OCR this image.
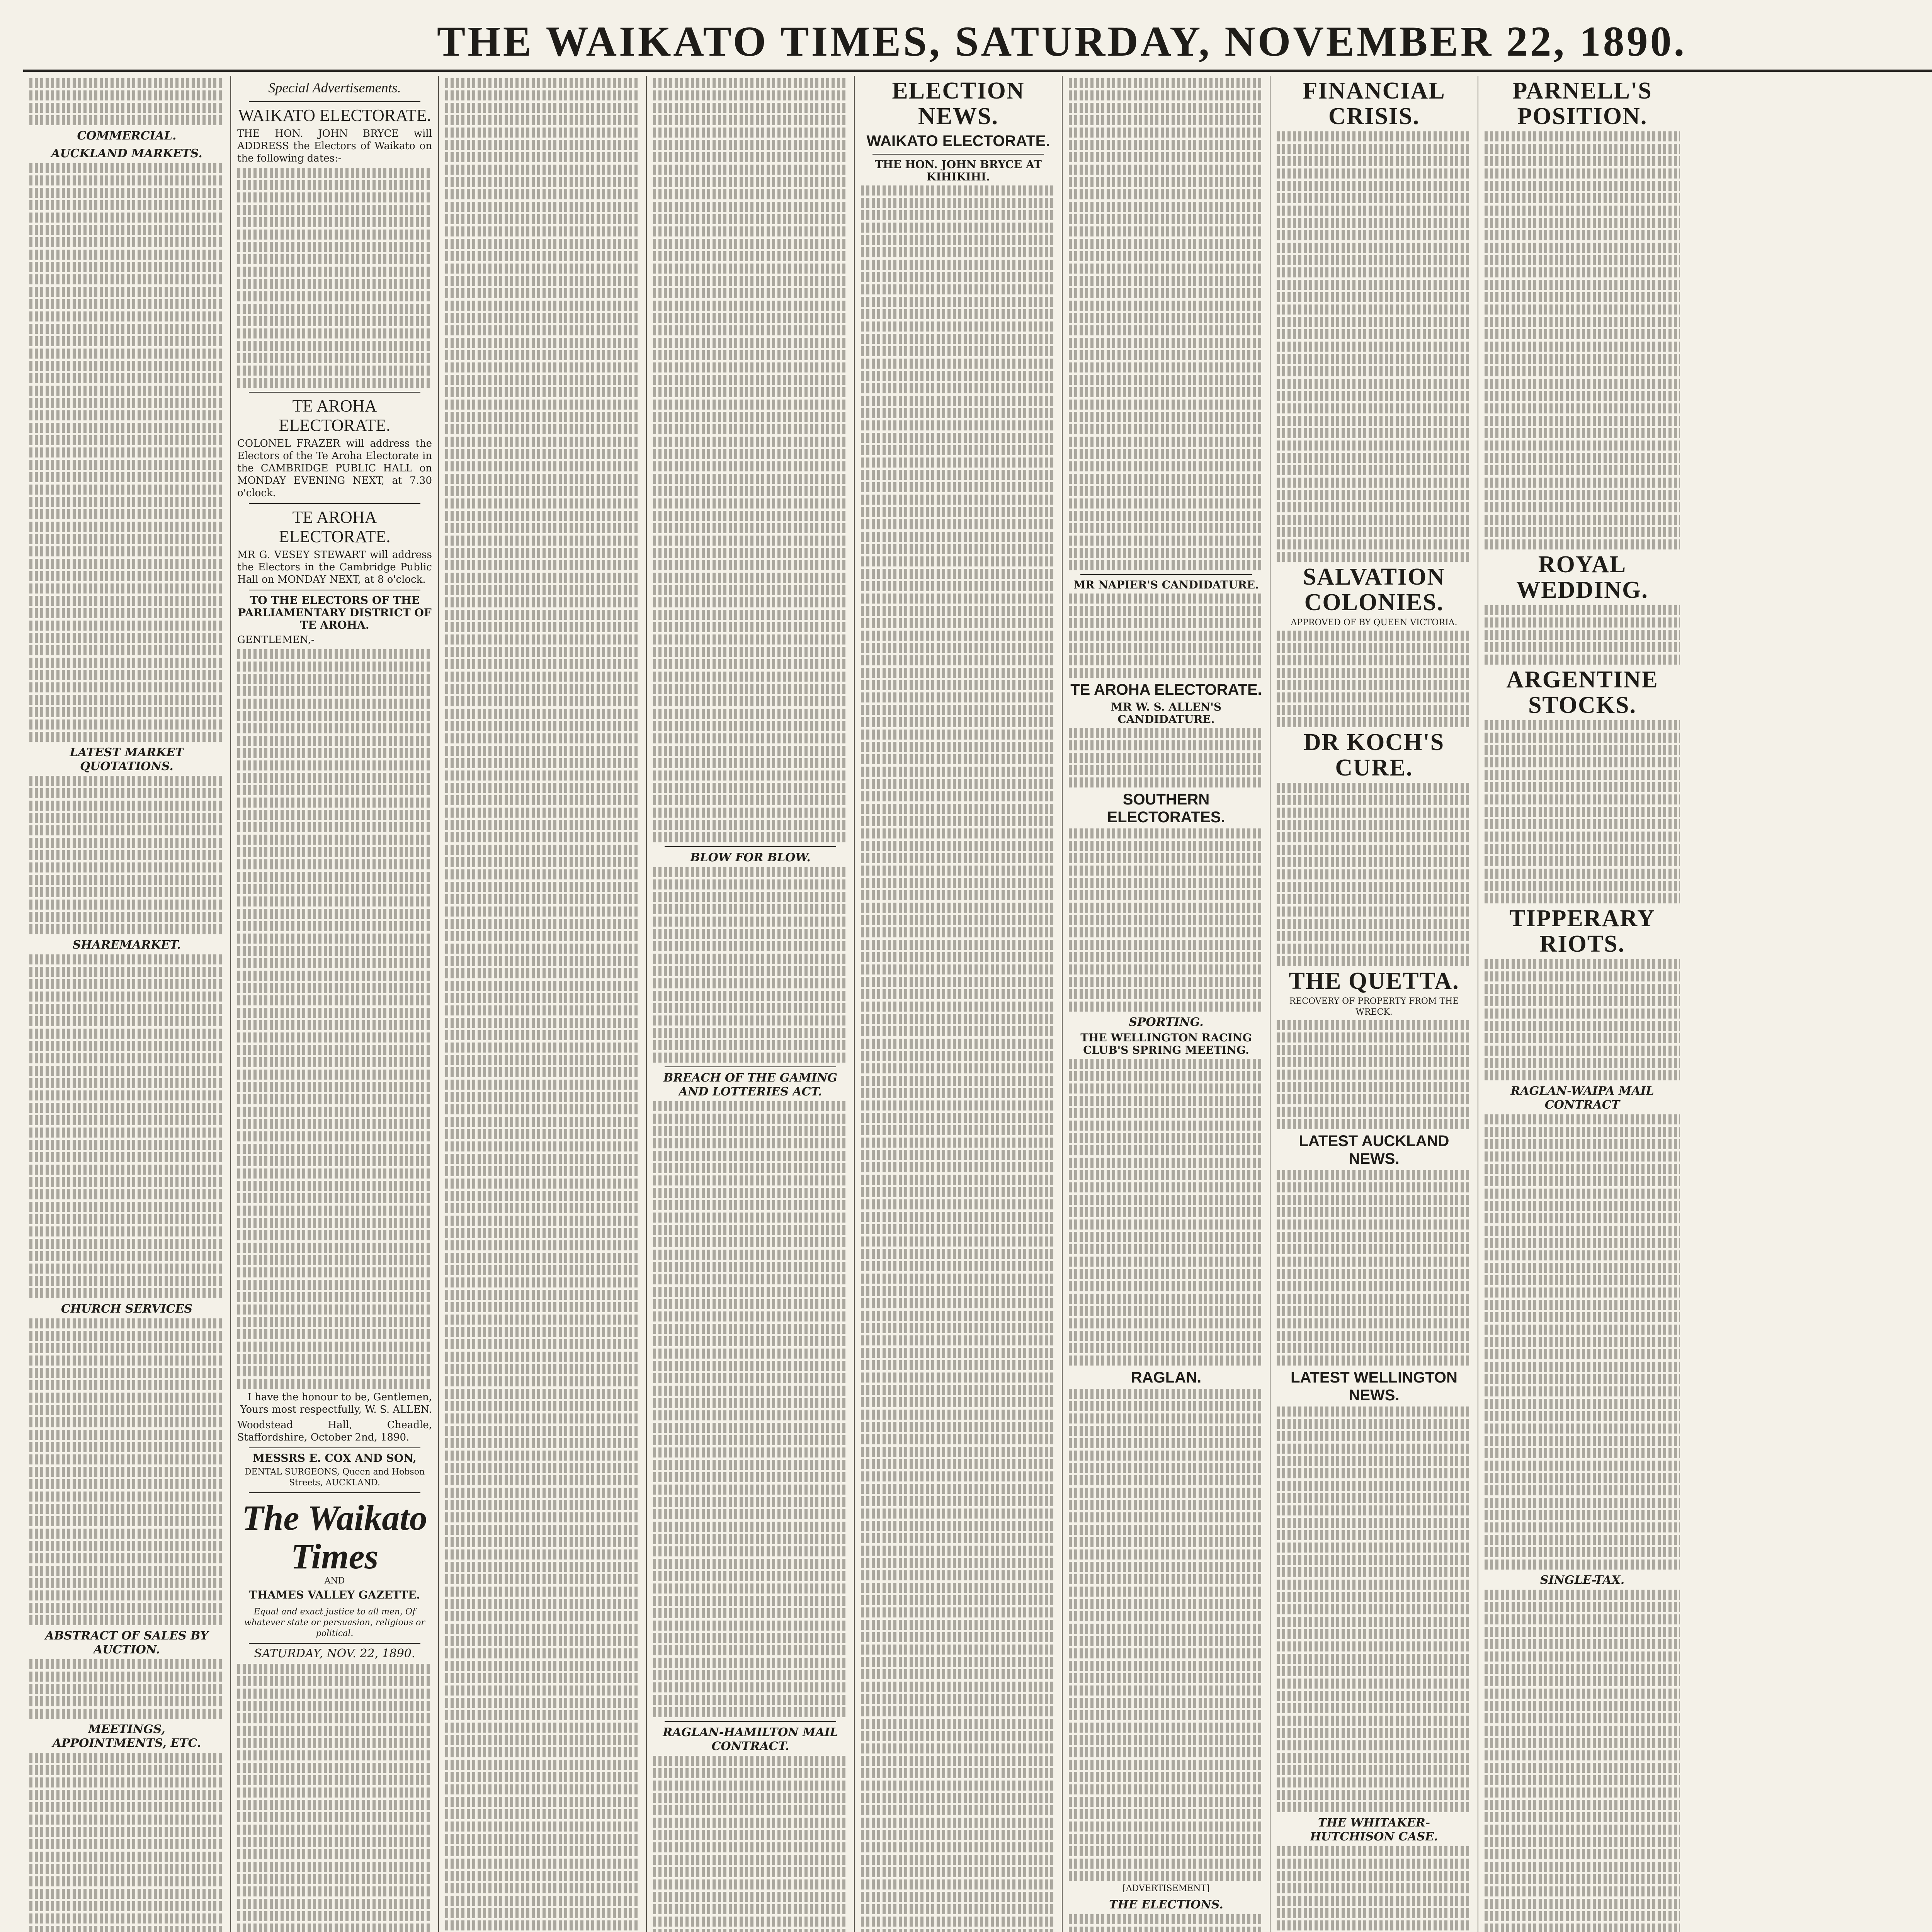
THE WAIKATO TIMES, SATURDAY, NOVEMBER 22, 1890.
COMMERCIAL.
AUCKLAND MARKETS.
LATEST MARKET QUOTATIONS.
SHAREMARKET.
CHURCH SERVICES
ABSTRACT OF SALES BY AUCTION.
MEETINGS, APPOINTMENTS, ETC.
Special Advertisements.
WAIKATO ELECTORATE.

THE HON. JOHN BRYCE will ADDRESS the Electors of Waikato on the following dates:-

TE AROHA ELECTORATE.

COLONEL FRAZER will address the Electors of the Te Aroha Electorate in the CAMBRIDGE PUBLIC HALL on MONDAY EVENING NEXT, at 7.30 o'clock.

TE AROHA ELECTORATE.

MR G. VESEY STEWART will address the Electors in the Cambridge Public Hall on MONDAY NEXT, at 8 o'clock.

TO THE ELECTORS OF THE PARLIAMENTARY DISTRICT OF TE AROHA.

GENTLEMEN,-

I have the honour to be, Gentlemen, Yours most respectfully, W. S. ALLEN.

Woodstead Hall, Cheadle, Staffordshire, October 2nd, 1890.

MESSRS E. COX AND SON,
DENTAL SURGEONS, Queen and Hobson Streets, AUCKLAND.
The Waikato Times
AND
THAMES VALLEY GAZETTE.
Equal and exact justice to all men, Of whatever state or persuasion, religious or political.
SATURDAY, NOV. 22, 1890.
BLOW FOR BLOW.
BREACH OF THE GAMING AND LOTTERIES ACT.
RAGLAN-HAMILTON MAIL CONTRACT.
ELECTION NEWS.
WAIKATO ELECTORATE.
THE HON. JOHN BRYCE AT KIHIKIHI.
MR NAPIER'S CANDIDATURE.
TE AROHA ELECTORATE.
MR W. S. ALLEN'S CANDIDATURE.
SOUTHERN ELECTORATES.
SPORTING.
THE WELLINGTON RACING CLUB'S SPRING MEETING.
RAGLAN.
[ADVERTISEMENT]
THE ELECTIONS.
FINANCIAL CRISIS.
SALVATION COLONIES.
APPROVED OF BY QUEEN VICTORIA.
DR KOCH'S CURE.
THE QUETTA.
RECOVERY OF PROPERTY FROM THE WRECK.
LATEST AUCKLAND NEWS.
LATEST WELLINGTON NEWS.
THE WHITAKER-HUTCHISON CASE.
PARNELL'S POSITION.
ROYAL WEDDING.
ARGENTINE STOCKS.
TIPPERARY RIOTS.
RAGLAN-WAIPA MAIL CONTRACT
SINGLE-TAX.
